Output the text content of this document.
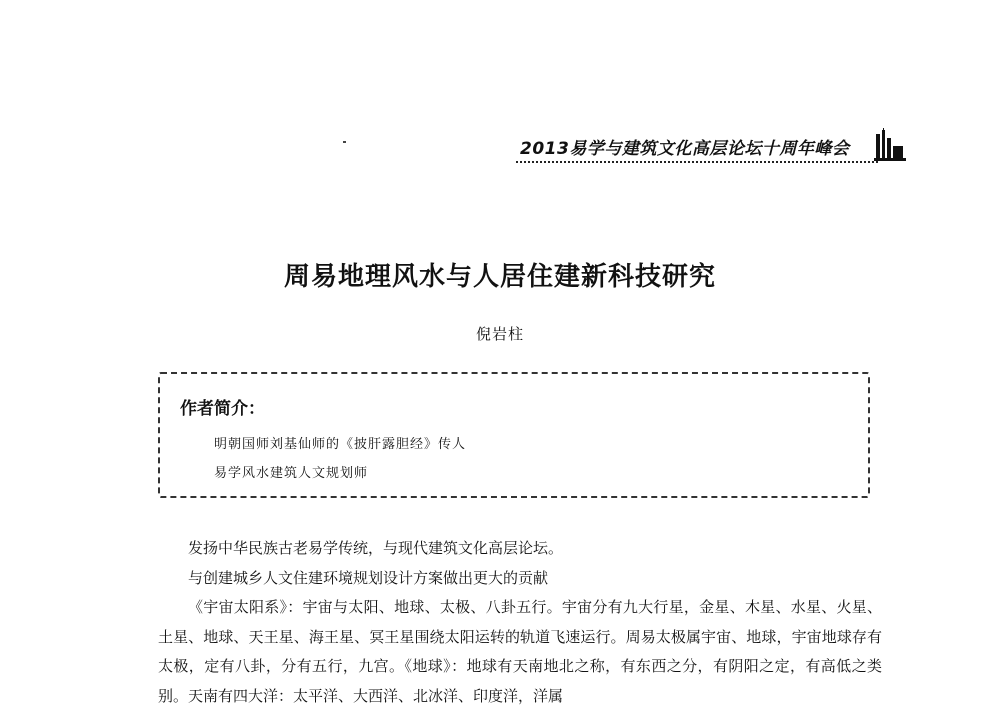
2013易学与建筑文化高层论坛十周年峰会
周易地理风水与人居住建新科技研究
倪岩柱
作者简介：
明朝国师刘基仙师的《披肝露胆经》传人
易学风水建筑人文规划师

发扬中华民族古老易学传统，与现代建筑文化高层论坛。

与创建城乡人文住建环境规划设计方案做出更大的贡献

《宇宙太阳系》：宇宙与太阳、地球、太极、八卦五行。宇宙分有九大行星，金星、木星、水星、火星、土星、地球、天王星、海王星、冥王星围绕太阳运转的轨道飞速运行。周易太极属宇宙、地球，宇宙地球存有太极，定有八卦，分有五行，九宫。《地球》：地球有天南地北之称，有东西之分，有阴阳之定，有高低之类别。天南有四大洋：太平洋、大西洋、北冰洋、印度洋，洋属
